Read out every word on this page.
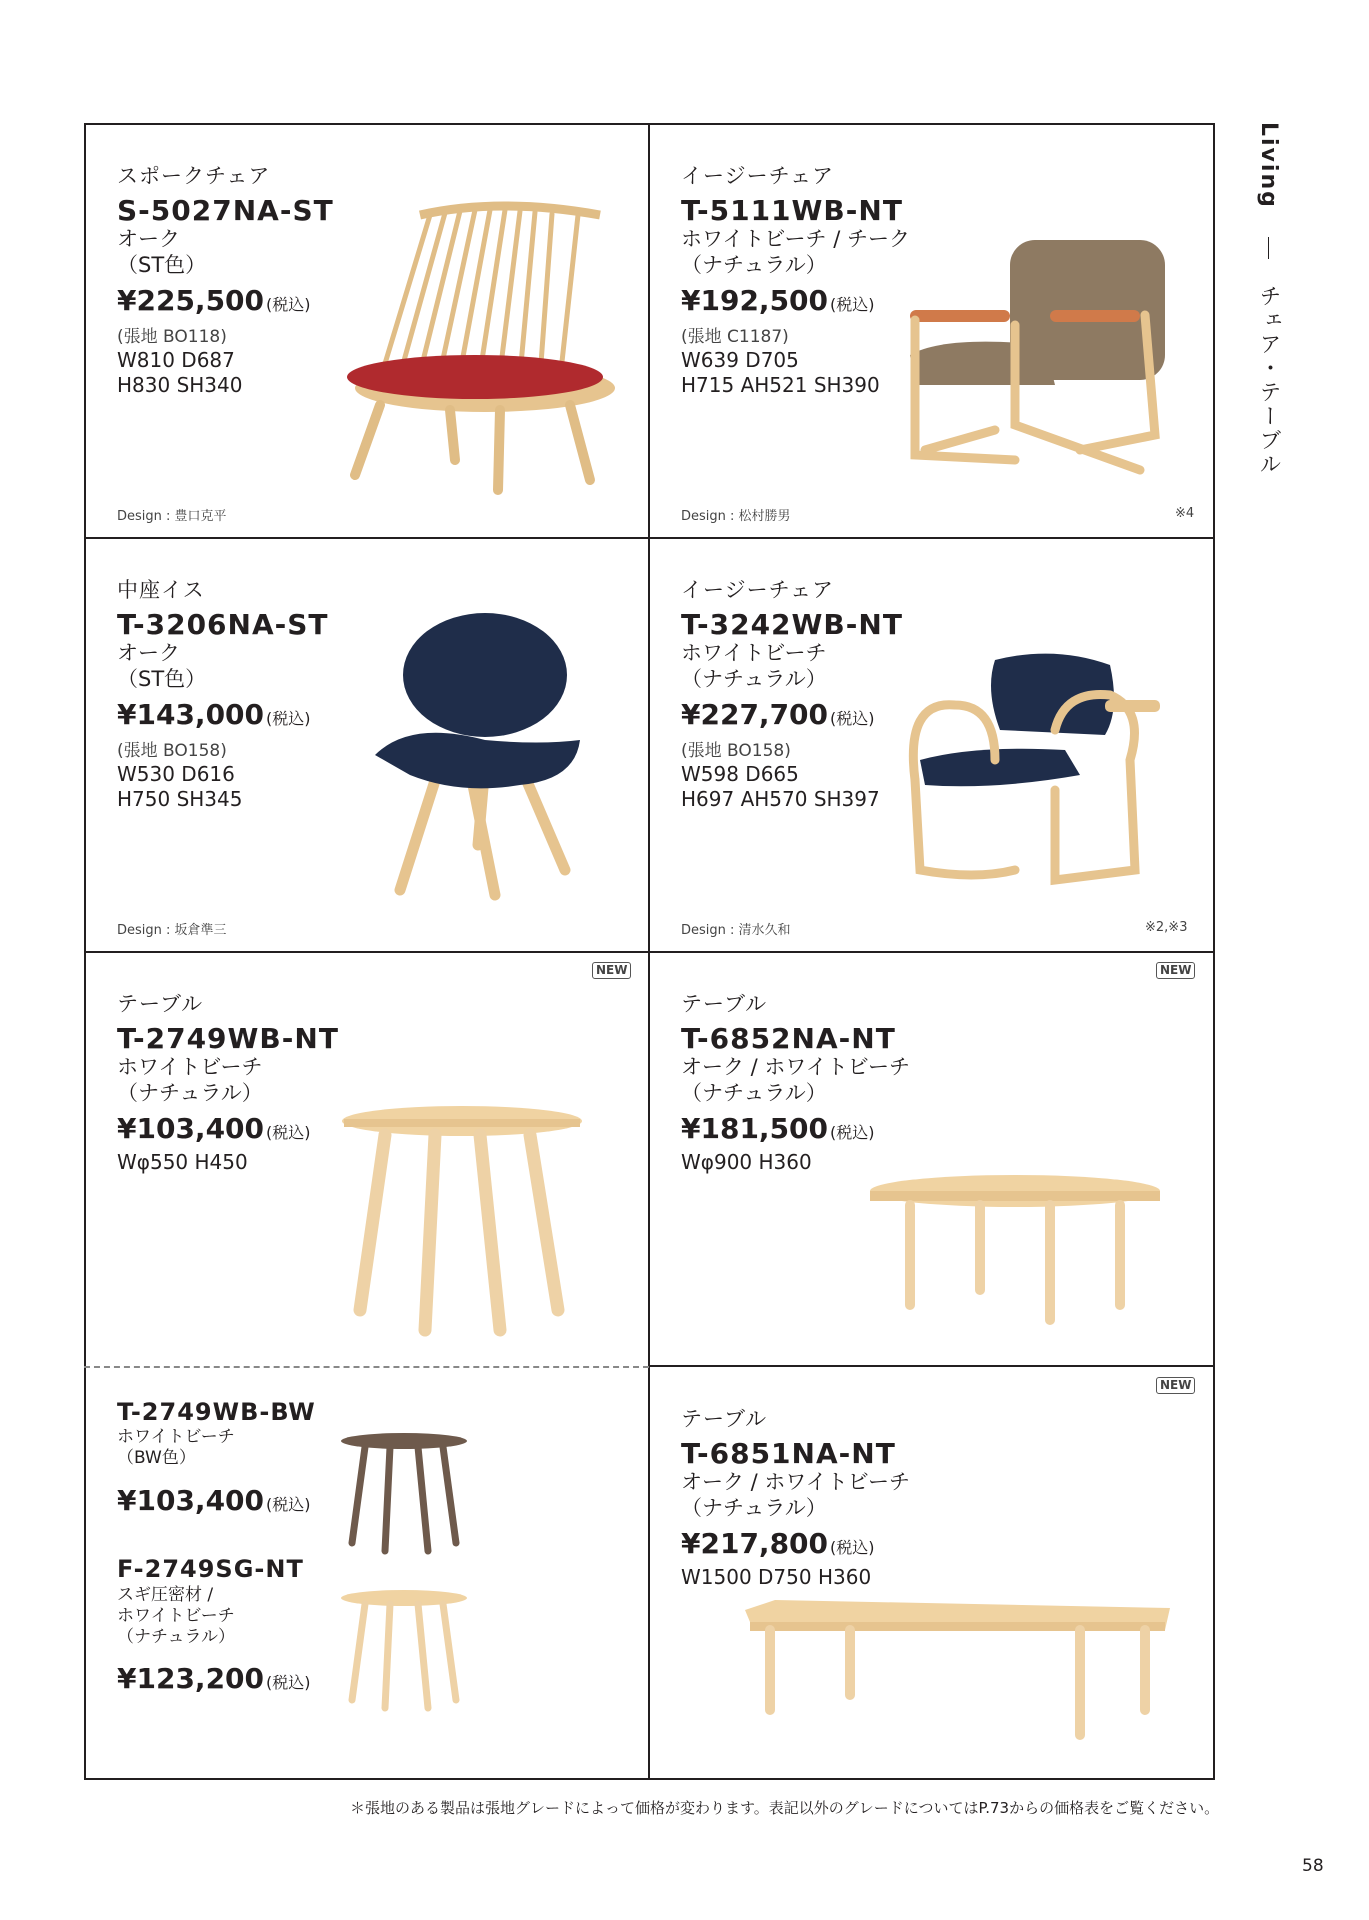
Living    チェア・テーブル
スポークチェア
S-5027NA-ST
オーク
（ST色）
¥225,500 (税込)
(張地 BO118)
W810 D687
H830 SH340
Design : 豊口克平
イージーチェア
T-5111WB-NT
ホワイトビーチ / チーク
（ナチュラル）
¥192,500 (税込)
(張地 C1187)
W639 D705
H715 AH521 SH390
Design : 松村勝男	※4
中座イス
T-3206NA-ST
オーク
（ST色）
¥143,000 (税込)
(張地 BO158)
W530 D616
H750 SH345
Design : 坂倉準三
イージーチェア
T-3242WB-NT
ホワイトビーチ
（ナチュラル）
¥227,700 (税込)
(張地 BO158)
W598 D665
H697 AH570 SH397
Design : 清水久和	※2,※3
NEW
テーブル
T-2749WB-NT
ホワイトビーチ
（ナチュラル）
¥103,400 (税込)
Wφ550 H450
NEW
テーブル
T-6852NA-NT
オーク / ホワイトビーチ
（ナチュラル）
¥181,500 (税込)
Wφ900 H360
T-2749WB-BW
ホワイトビーチ
（BW色）
¥103,400 (税込)
F-2749SG-NT
スギ圧密材 /
ホワイトビーチ
（ナチュラル）
¥123,200 (税込)
NEW
テーブル
T-6851NA-NT
オーク / ホワイトビーチ
（ナチュラル）
¥217,800 (税込)
W1500 D750 H360
＊張地のある製品は張地グレードによって価格が変わります。表記以外のグレードについてはP.73からの価格表をご覧ください。
58
